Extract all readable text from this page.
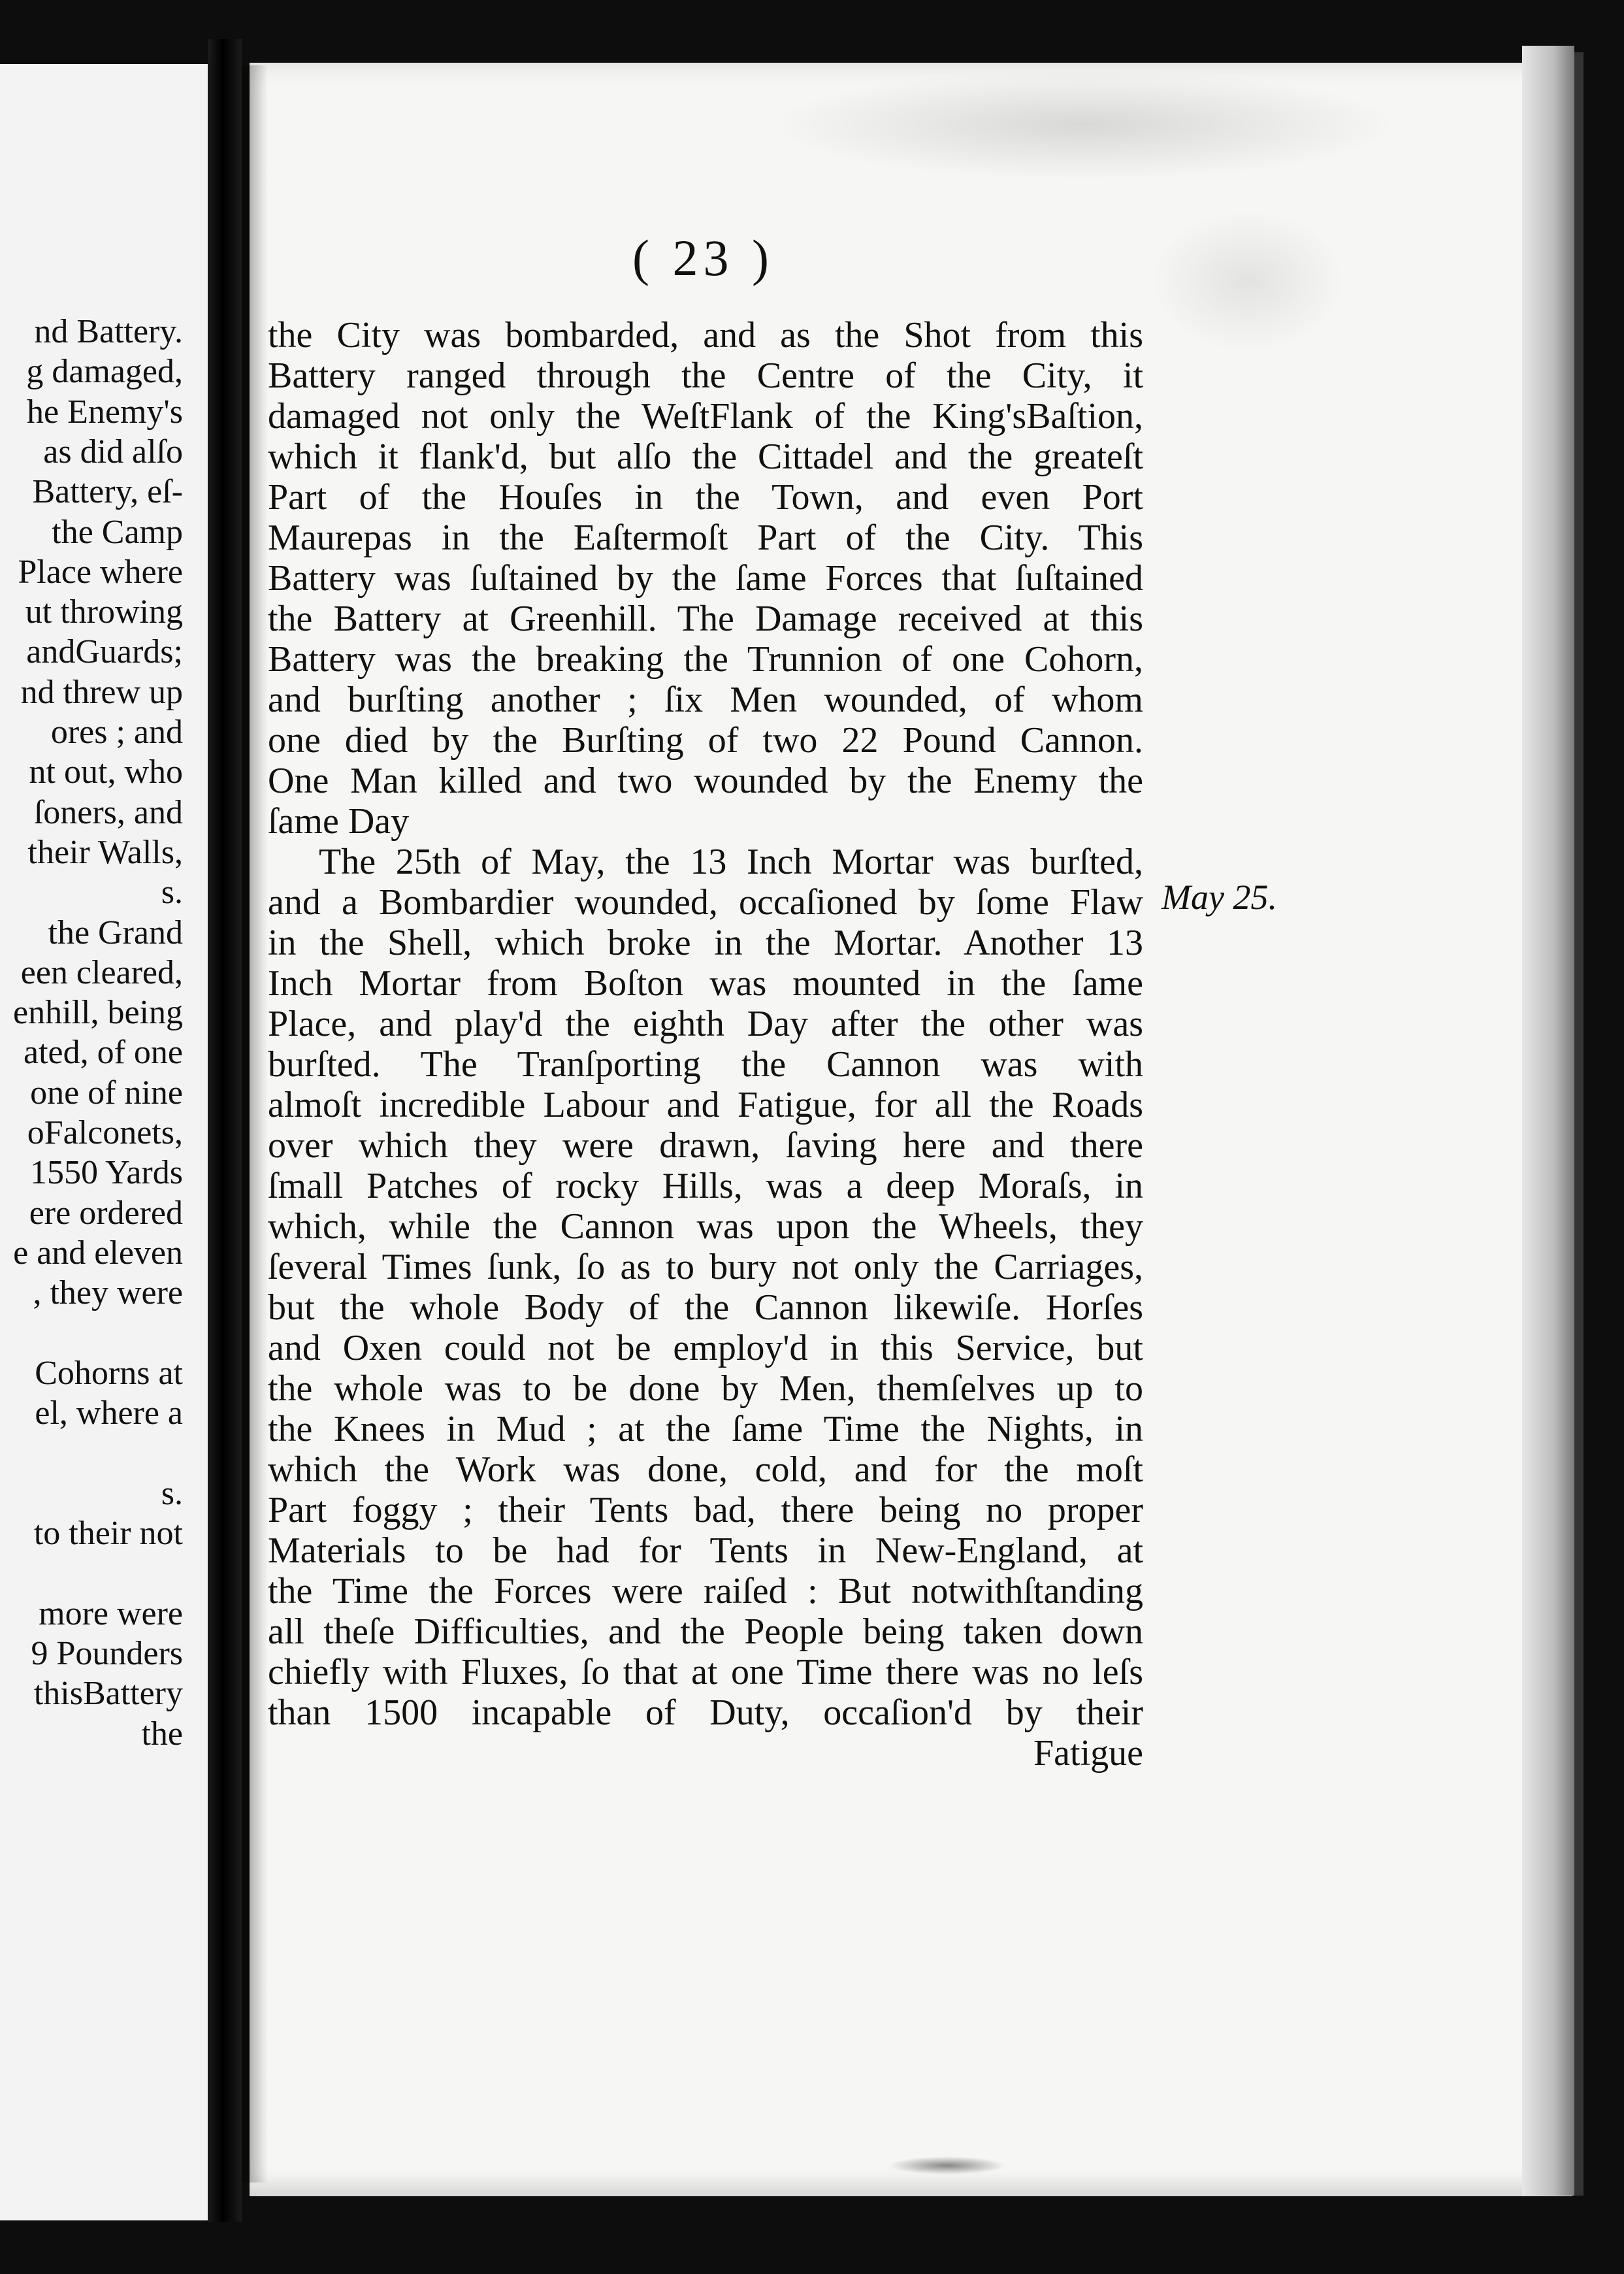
nd Battery.
g damaged,
he Enemy's
as did alſo
Battery, eſ-
the Camp
Place where
ut throwing
andGuards;
nd threw up
ores ; and
nt out, who
ſoners, and
their Walls,
s.
the Grand
een cleared,
enhill, being
ated, of one
one of nine
oFalconets,
1550 Yards
ere ordered
e and eleven
, they were
Cohorns at
el, where a
s.
to their not
more were
9 Pounders
thisBattery
the
( 23 )
the City was bombarded, and as the Shot from this
Battery ranged through the Centre of the City, it
damaged not only the WeſtFlank of the King'sBaſtion,
which it flank'd, but alſo the Cittadel and the greateſt
Part of the Houſes in the Town, and even Port
Maurepas in the Eaſtermoſt Part of the City. This
Battery was ſuſtained by the ſame Forces that ſuſtained
the Battery at Greenhill. The Damage received at this
Battery was the breaking the Trunnion of one Cohorn,
and burſting another ; ſix Men wounded, of whom
one died by the Burſting of two 22 Pound Cannon.
One Man killed and two wounded by the Enemy the
ſame Day
The 25th of May, the 13 Inch Mortar was burſted,
and a Bombardier wounded, occaſioned by ſome Flaw
in the Shell, which broke in the Mortar. Another 13
Inch Mortar from Boſton was mounted in the ſame
Place, and play'd the eighth Day after the other was
burſted. The Tranſporting the Cannon was with
almoſt incredible Labour and Fatigue, for all the Roads
over which they were drawn, ſaving here and there
ſmall Patches of rocky Hills, was a deep Moraſs, in
which, while the Cannon was upon the Wheels, they
ſeveral Times ſunk, ſo as to bury not only the Carriages,
but the whole Body of the Cannon likewiſe. Horſes
and Oxen could not be employ'd in this Service, but
the whole was to be done by Men, themſelves up to
the Knees in Mud ; at the ſame Time the Nights, in
which the Work was done, cold, and for the moſt
Part foggy ; their Tents bad, there being no proper
Materials to be had for Tents in New-England, at
the Time the Forces were raiſed : But notwithſtanding
all theſe Difficulties, and the People being taken down
chiefly with Fluxes, ſo that at one Time there was no leſs
than 1500 incapable of Duty, occaſion'd by their
Fatigue
May 25.
